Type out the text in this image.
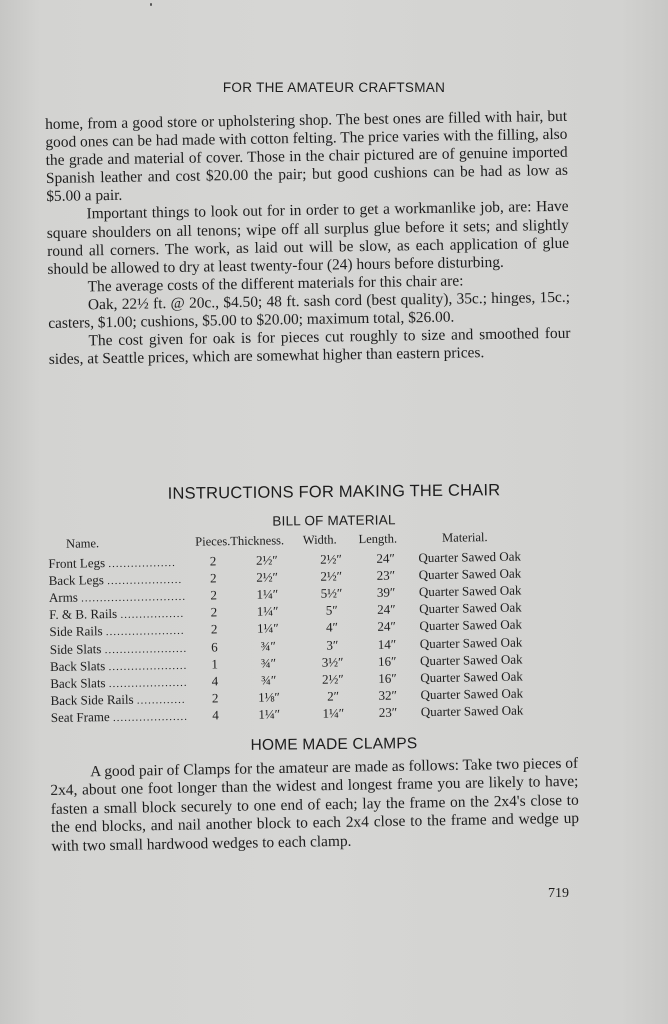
FOR THE AMATEUR CRAFTSMAN

home, from a good store or upholstering shop. The best ones are filled with hair, but good ones can be had made with cotton felting. The price varies with the filling, also the grade and material of cover. Those in the chair pictured are of genuine imported Spanish leather and cost $20.00 the pair; but good cushions can be had as low as $5.00 a pair.

Important things to look out for in order to get a workmanlike job, are: Have square shoulders on all tenons; wipe off all surplus glue before it sets; and slightly round all corners. The work, as laid out will be slow, as each application of glue should be allowed to dry at least twenty-four (24) hours before disturbing.

The average costs of the different materials for this chair are:

Oak, 22½ ft. @ 20c., $4.50; 48 ft. sash cord (best quality), 35c.; hinges, 15c.; casters, $1.00; cushions, $5.00 to $20.00; maximum total, $26.00.

The cost given for oak is for pieces cut roughly to size and smoothed four sides, at Seattle prices, which are somewhat higher than eastern prices.

INSTRUCTIONS FOR MAKING THE CHAIR
BILL OF MATERIAL
Name.	Pieces.	Thickness.	Width.	Length.	Material.
Front Legs ..................	2	2½″	2½″	24″	Quarter Sawed Oak
Back Legs ....................	2	2½″	2½″	23″	Quarter Sawed Oak
Arms ............................	2	1¼″	5½″	39″	Quarter Sawed Oak
F. & B. Rails .................	2	1¼″	5″	24″	Quarter Sawed Oak
Side Rails .....................	2	1¼″	4″	24″	Quarter Sawed Oak
Side Slats ......................	6	¾″	3″	14″	Quarter Sawed Oak
Back Slats .....................	1	¾″	3½″	16″	Quarter Sawed Oak
Back Slats .....................	4	¾″	2½″	16″	Quarter Sawed Oak
Back Side Rails .............	2	1⅛″	2″	32″	Quarter Sawed Oak
Seat Frame ....................	4	1¼″	1¼″	23″	Quarter Sawed Oak
HOME MADE CLAMPS

A good pair of Clamps for the amateur are made as follows: Take two pieces of 2x4, about one foot longer than the widest and longest frame you are likely to have; fasten a small block securely to one end of each; lay the frame on the 2x4's close to the end blocks, and nail another block to each 2x4 close to the frame and wedge up with two small hardwood wedges to each clamp.

719
